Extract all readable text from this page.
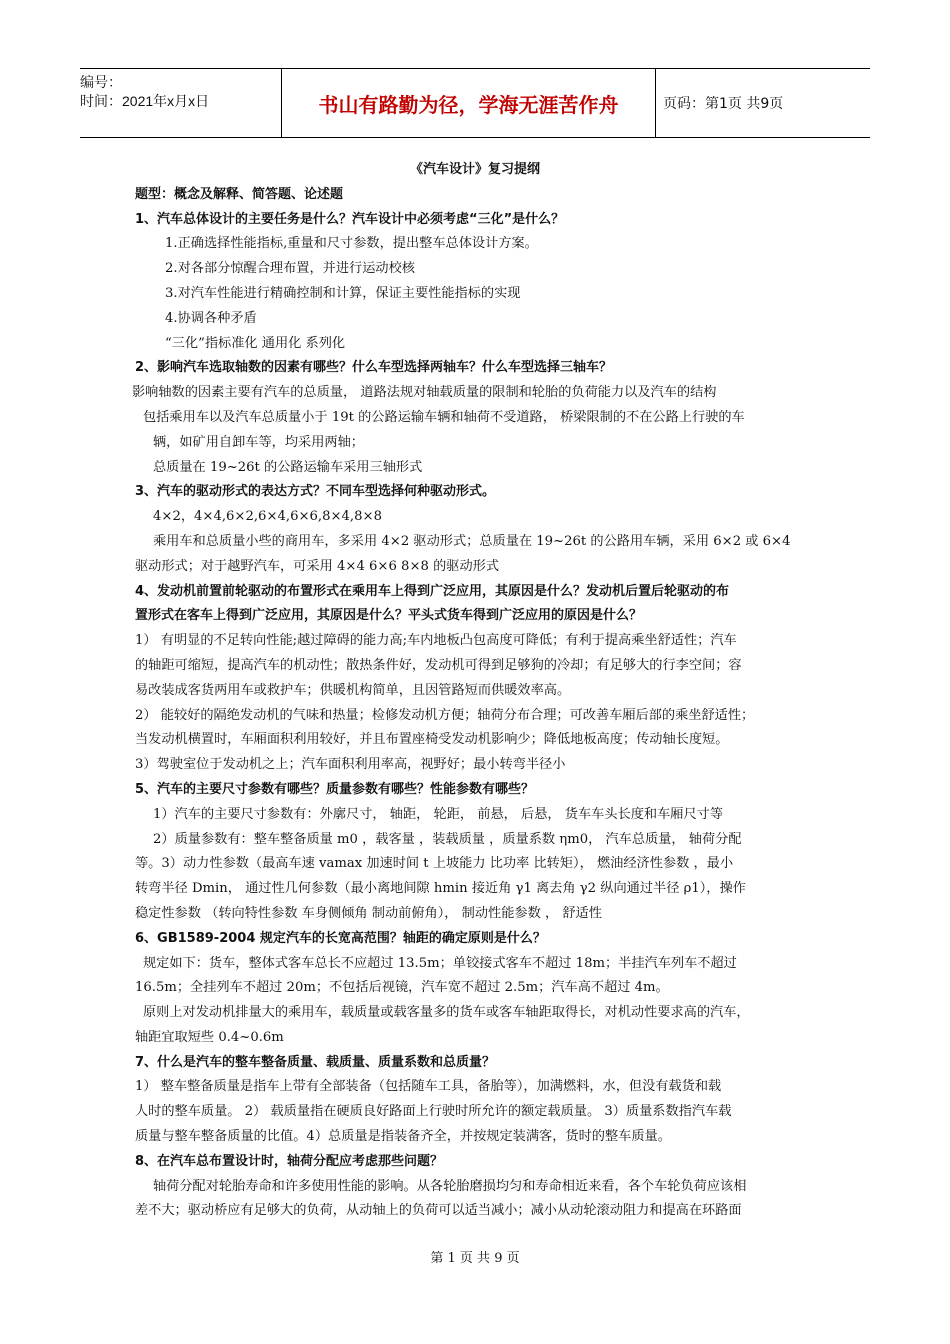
编号：
时间：2021年x月x日	书山有路勤为径，学海无涯苦作舟	页码：第1页 共9页
《汽车设计》复习提纲
题型：概念及解释、简答题、论述题
1、汽车总体设计的主要任务是什么？汽车设计中必须考虑“三化”是什么？
1.正确选择性能指标,重量和尺寸参数，提出整车总体设计方案。
2.对各部分惊醒合理布置，并进行运动校核
3.对汽车性能进行精确控制和计算，保证主要性能指标的实现
4.协调各种矛盾
“三化”指标准化 通用化 系列化
2、影响汽车选取轴数的因素有哪些？什么车型选择两轴车？什么车型选择三轴车？
影响轴数的因素主要有汽车的总质量， 道路法规对轴载质量的限制和轮胎的负荷能力以及汽车的结构
包括乘用车以及汽车总质量小于 19t 的公路运输车辆和轴荷不受道路， 桥梁限制的不在公路上行驶的车
辆，如矿用自卸车等，均采用两轴；
总质量在 19~26t 的公路运输车采用三轴形式
3、汽车的驱动形式的表达方式？不同车型选择何种驱动形式。
4×2，4×4,6×2,6×4,6×6,8×4,8×8
乘用车和总质量小些的商用车，多采用 4×2 驱动形式；总质量在 19~26t 的公路用车辆，采用 6×2 或 6×4
驱动形式；对于越野汽车，可采用 4×4 6×6 8×8 的驱动形式
4、发动机前置前轮驱动的布置形式在乘用车上得到广泛应用，其原因是什么？发动机后置后轮驱动的布
置形式在客车上得到广泛应用，其原因是什么？平头式货车得到广泛应用的原因是什么？
1） 有明显的不足转向性能;越过障碍的能力高;车内地板凸包高度可降低；有利于提高乘坐舒适性；汽车
的轴距可缩短，提高汽车的机动性；散热条件好，发动机可得到足够狗的冷却；有足够大的行李空间；容
易改装成客货两用车或救护车；供暖机构简单，且因管路短而供暖效率高。
2） 能较好的隔绝发动机的气味和热量；检修发动机方便；轴荷分布合理；可改善车厢后部的乘坐舒适性；
当发动机横置时，车厢面积利用较好，并且布置座椅受发动机影响少；降低地板高度；传动轴长度短。
3）驾驶室位于发动机之上；汽车面积利用率高，视野好；最小转弯半径小
5、汽车的主要尺寸参数有哪些？质量参数有哪些？性能参数有哪些？
1）汽车的主要尺寸参数有：外廓尺寸， 轴距， 轮距， 前悬， 后悬， 货车车头长度和车厢尺寸等
2）质量参数有：整车整备质量 m0 ，载客量 ，装载质量 ，质量系数 ηm0， 汽车总质量， 轴荷分配
等。3）动力性参数（最高车速 vamax 加速时间 t 上坡能力 比功率 比转矩）， 燃油经济性参数 ，最小
转弯半径 Dmin， 通过性几何参数（最小离地间隙 hmin 接近角 γ1 离去角 γ2 纵向通过半径 ρ1），操作
稳定性参数 （转向特性参数 车身侧倾角 制动前俯角）， 制动性能参数 ， 舒适性
6、GB1589-2004 规定汽车的长宽高范围？轴距的确定原则是什么？
规定如下：货车，整体式客车总长不应超过 13.5m；单铰接式客车不超过 18m；半挂汽车列车不超过
16.5m；全挂列车不超过 20m；不包括后视镜，汽车宽不超过 2.5m；汽车高不超过 4m。
原则上对发动机排量大的乘用车，载质量或载客量多的货车或客车轴距取得长，对机动性要求高的汽车，
轴距宜取短些 0.4~0.6m
7、什么是汽车的整车整备质量、载质量、质量系数和总质量？
1） 整车整备质量是指车上带有全部装备（包括随车工具，备胎等），加满燃料，水，但没有载货和载
人时的整车质量。 2） 载质量指在硬质良好路面上行驶时所允许的额定载质量。 3）质量系数指汽车载
质量与整车整备质量的比值。4）总质量是指装备齐全，并按规定装满客，货时的整车质量。
8、在汽车总布置设计时，轴荷分配应考虑那些问题？
轴荷分配对轮胎寿命和许多使用性能的影响。从各轮胎磨损均匀和寿命相近来看，各个车轮负荷应该相
差不大；驱动桥应有足够大的负荷，从动轴上的负荷可以适当减小；减小从动轮滚动阻力和提高在环路面
第 1 页 共 9 页
